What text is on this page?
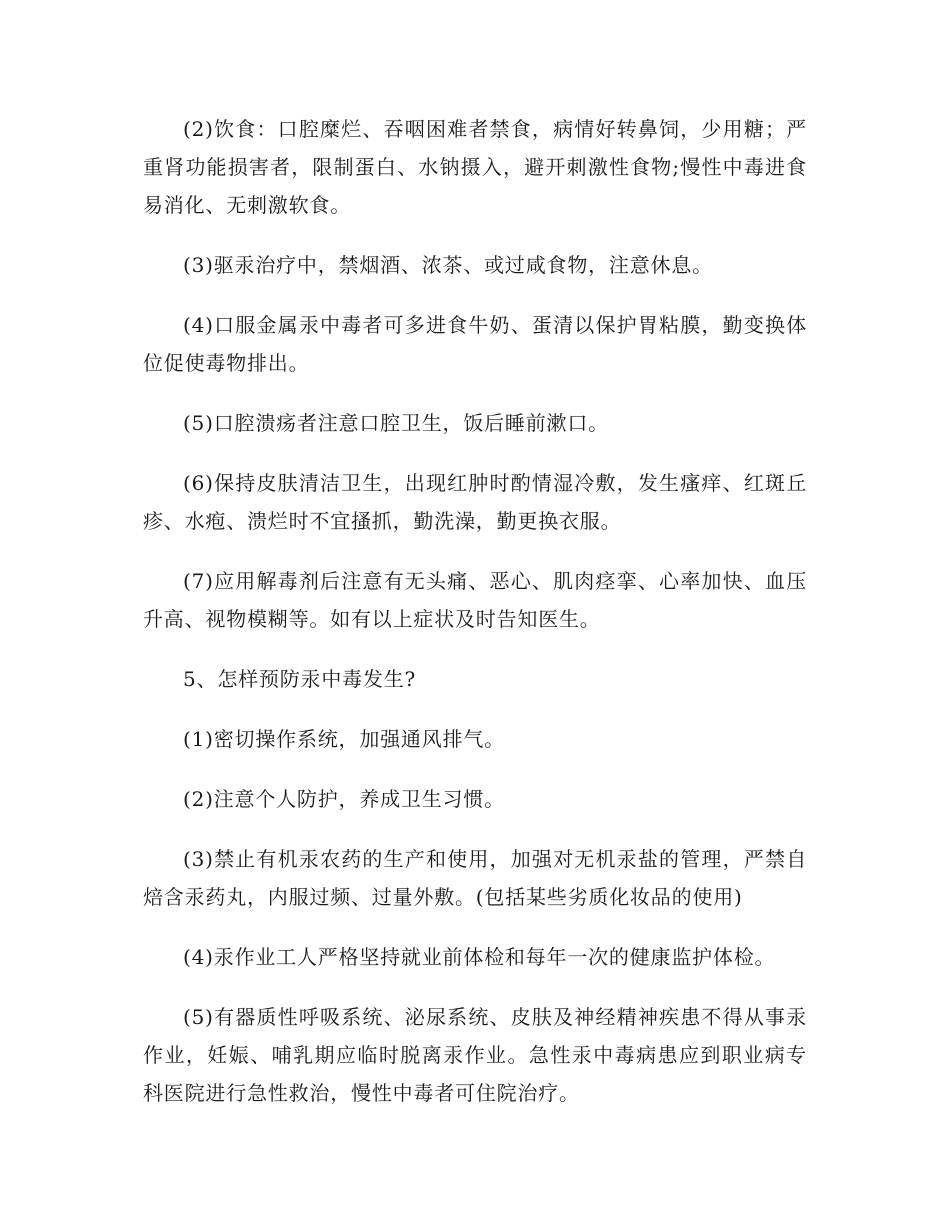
(2)饮食：口腔糜烂、吞咽困难者禁食，病情好转鼻饲，少用糖；严重肾功能损害者，限制蛋白、水钠摄入，避开刺激性食物;慢性中毒进食易消化、无刺激软食。

(3)驱汞治疗中，禁烟酒、浓茶、或过咸食物，注意休息。

(4)口服金属汞中毒者可多进食牛奶、蛋清以保护胃粘膜，勤变换体位促使毒物排出。

(5)口腔溃疡者注意口腔卫生，饭后睡前漱口。

(6)保持皮肤清洁卫生，出现红肿时酌情湿冷敷，发生瘙痒、红斑丘疹、水疱、溃烂时不宜搔抓，勤洗澡，勤更换衣服。

(7)应用解毒剂后注意有无头痛、恶心、肌肉痉挛、心率加快、血压升高、视物模糊等。如有以上症状及时告知医生。

5、怎样预防汞中毒发生?

(1)密切操作系统，加强通风排气。

(2)注意个人防护，养成卫生习惯。

(3)禁止有机汞农药的生产和使用，加强对无机汞盐的管理，严禁自焙含汞药丸，内服过频、过量外敷。(包括某些劣质化妆品的使用)

(4)汞作业工人严格坚持就业前体检和每年一次的健康监护体检。

(5)有器质性呼吸系统、泌尿系统、皮肤及神经精神疾患不得从事汞作业，妊娠、哺乳期应临时脱离汞作业。急性汞中毒病患应到职业病专科医院进行急性救治，慢性中毒者可住院治疗。
